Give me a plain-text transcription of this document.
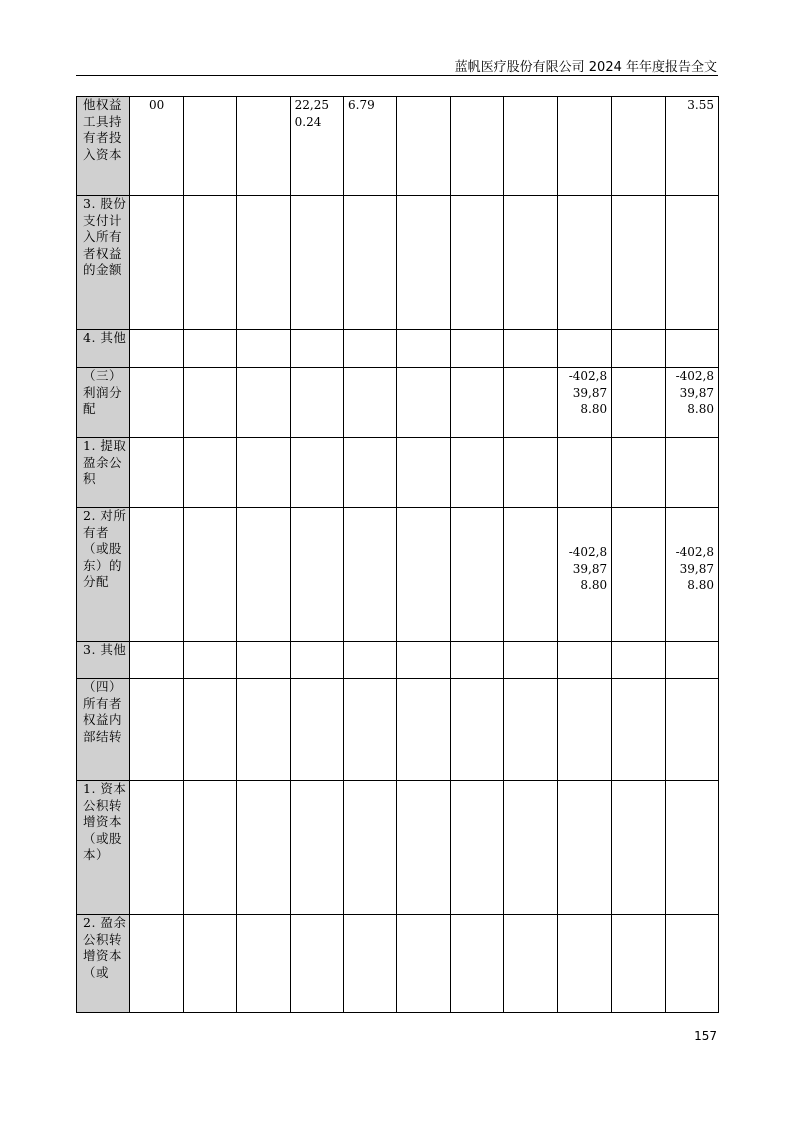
蓝帆医疗股份有限公司 2024 年年度报告全文
他权益工具持有者投入资本	00			22,250.24	6.79						3.55
3. 股份支付计入所有者权益的金额											
4. 其他											
（三）利润分配									-402,839,878.80		-402,839,878.80
1. 提取盈余公积											
2. 对所有者（或股东）的分配									-402,839,878.80		-402,839,878.80
3. 其他											
（四）所有者权益内部结转											
1. 资本公积转增资本（或股本）											
2. 盈余公积转增资本（或											
157
